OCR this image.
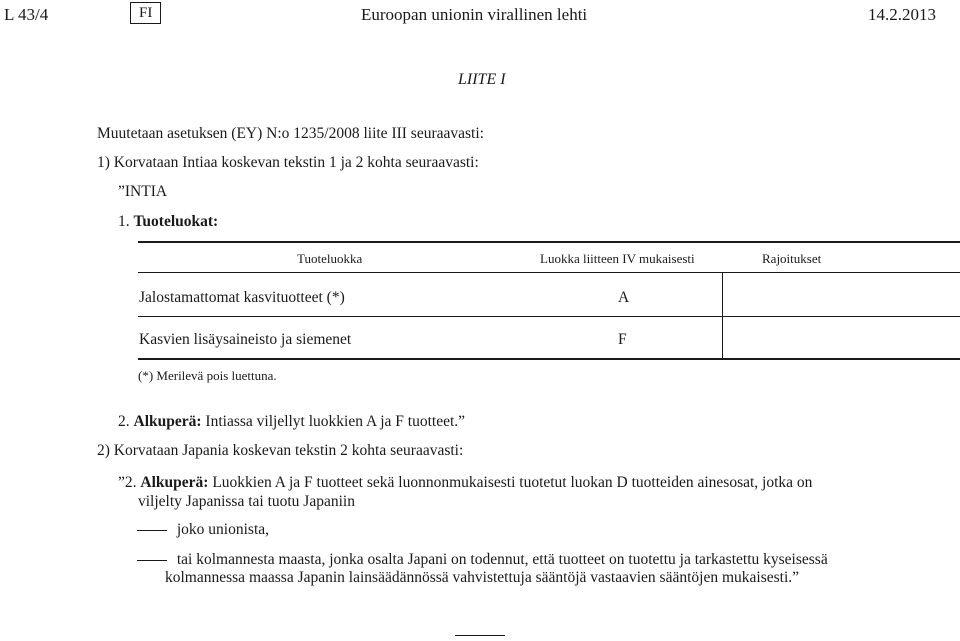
L 43/4	FI	Euroopan unionin virallinen lehti	14.2.2013
LIITE I
Muutetaan asetuksen (EY) N:o 1235/2008 liite III seuraavasti:
1) Korvataan Intiaa koskevan tekstin 1 ja 2 kohta seuraavasti:
”INTIA
1. Tuoteluokat:
Tuoteluokka	Luokka liitteen IV mukaisesti	Rajoitukset
Jalostamattomat kasvituotteet (*)	A
Kasvien lisäysaineisto ja siemenet	F
(*) Merilevä pois luettuna.
2. Alkuperä: Intiassa viljellyt luokkien A ja F tuotteet.”
2) Korvataan Japania koskevan tekstin 2 kohta seuraavasti:
”2. Alkuperä: Luokkien A ja F tuotteet sekä luonnonmukaisesti tuotetut luokan D tuotteiden ainesosat, jotka on
viljelty Japanissa tai tuotu Japaniin
joko unionista,
tai kolmannesta maasta, jonka osalta Japani on todennut, että tuotteet on tuotettu ja tarkastettu kyseisessä
kolmannessa maassa Japanin lainsäädännössä vahvistettuja sääntöjä vastaavien sääntöjen mukaisesti.”
